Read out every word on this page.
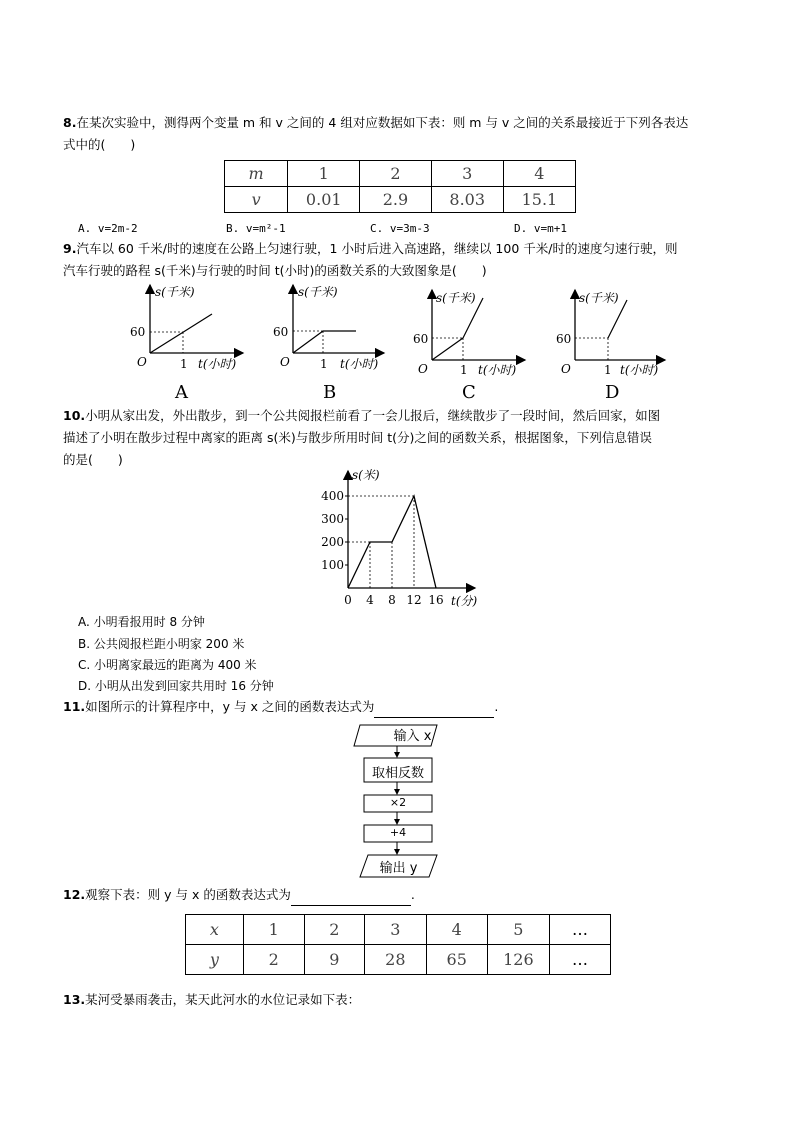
8.在某次实验中，测得两个变量 m 和 v 之间的 4 组对应数据如下表：则 m 与 v 之间的关系最接近于下列各表达
式中的(　　)
m	1	2	3	4
v	0.01	2.9	8.03	15.1
A. v=2m-2	B. v=m²-1	C. v=3m-3	D. v=m+1
9.汽车以 60 千米/时的速度在公路上匀速行驶，1 小时后进入高速路，继续以 100 千米/时的速度匀速行驶，则
汽车行驶的路程 s(千米)与行驶的时间 t(小时)的函数关系的大致图象是(　　)
s(千米)
60
O	1 t(小时)
s(千米)
60
O	1 t(小时)
s(千米)
60
O	1 t(小时)
s(千米)
60
O	1 t(小时)
A	B	C	D
10.小明从家出发，外出散步，到一个公共阅报栏前看了一会儿报后，继续散步了一段时间，然后回家，如图
描述了小明在散步过程中离家的距离 s(米)与散步所用时间 t(分)之间的函数关系，根据图象，下列信息错误
的是(　　)
100
200
300
400
0 4 8 12 16
s(米)
t(分)
A. 小明看报用时 8 分钟
B. 公共阅报栏距小明家 200 米
C. 小明离家最远的距离为 400 米
D. 小明从出发到回家共用时 16 分钟
11.如图所示的计算程序中，y 与 x 之间的函数表达式为	.
输入 x
取相反数
×2
+4
输出 y
12.观察下表：则 y 与 x 的函数表达式为	.
x	1	2	3	4	5	…
y	2	9	28	65	126	…
13.某河受暴雨袭击，某天此河水的水位记录如下表：
